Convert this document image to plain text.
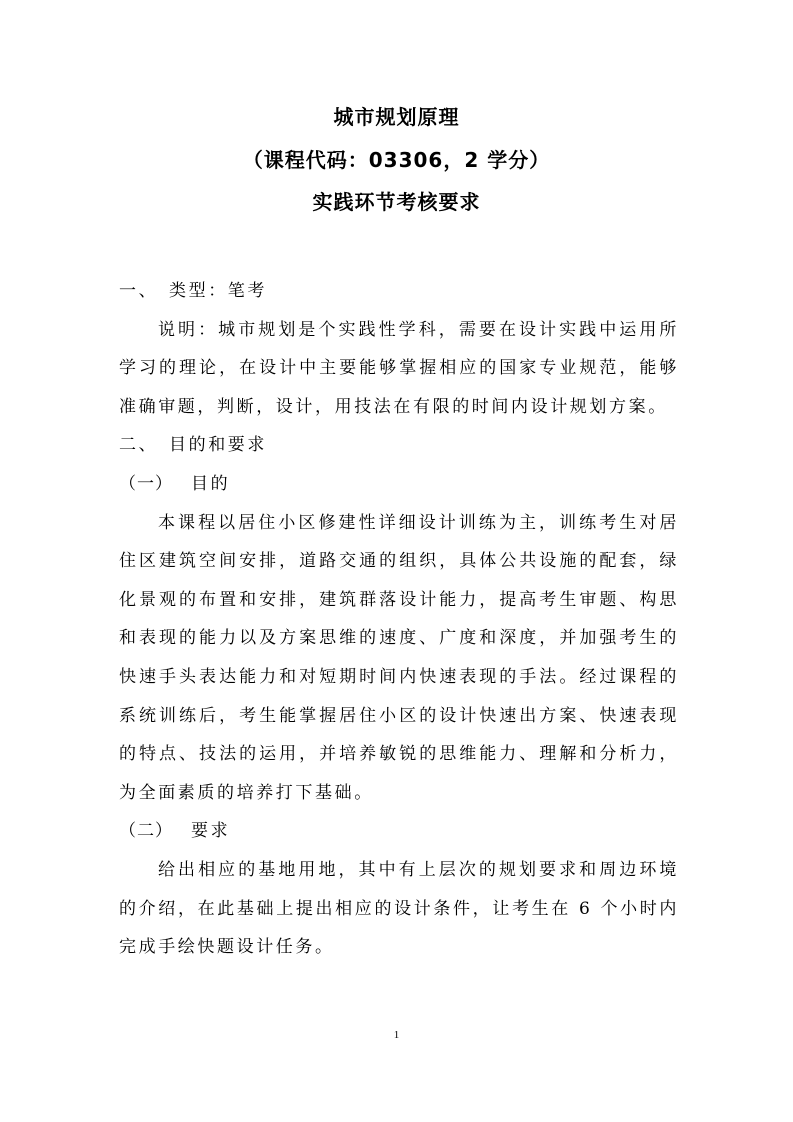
城市规划原理
（课程代码：03306，2 学分）
实践环节考核要求
一、 类型：笔考
说明：城市规划是个实践性学科，需要在设计实践中运用所学习的理论，在设计中主要能够掌握相应的国家专业规范，能够准确审题，判断，设计，用技法在有限的时间内设计规划方案。
二、 目的和要求
（一） 目的
本课程以居住小区修建性详细设计训练为主，训练考生对居住区建筑空间安排，道路交通的组织，具体公共设施的配套，绿化景观的布置和安排，建筑群落设计能力，提高考生审题、构思和表现的能力以及方案思维的速度、广度和深度，并加强考生的快速手头表达能力和对短期时间内快速表现的手法。经过课程的系统训练后，考生能掌握居住小区的设计快速出方案、快速表现的特点、技法的运用，并培养敏锐的思维能力、理解和分析力，为全面素质的培养打下基础。
（二） 要求
给出相应的基地用地，其中有上层次的规划要求和周边环境的介绍，在此基础上提出相应的设计条件，让考生在 6 个小时内完成手绘快题设计任务。
1
